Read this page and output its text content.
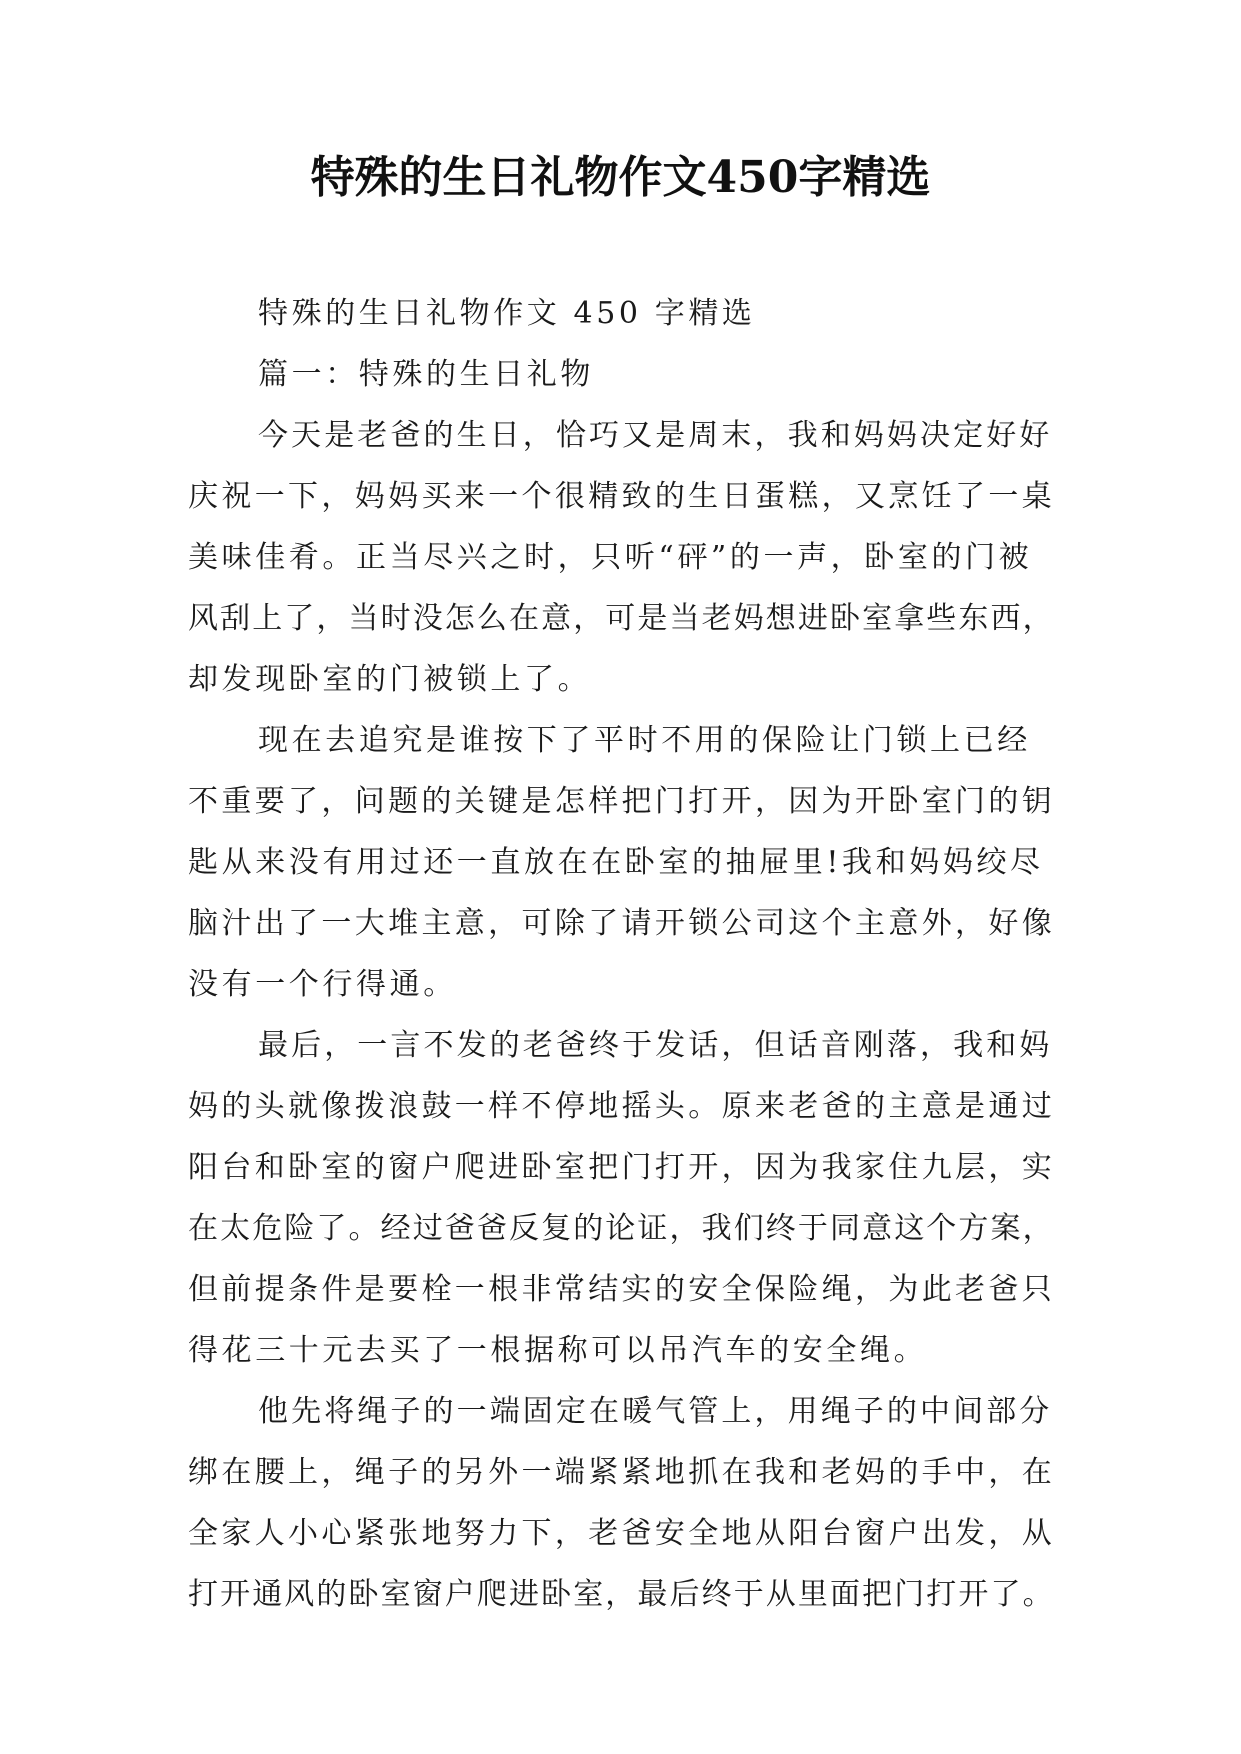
特殊的生日礼物作文450字精选
特殊的生日礼物作文 450 字精选
篇一：特殊的生日礼物
今天是老爸的生日，恰巧又是周末，我和妈妈决定好好
庆祝一下，妈妈买来一个很精致的生日蛋糕，又烹饪了一桌
美味佳肴。正当尽兴之时，只听“砰”的一声，卧室的门被
风刮上了，当时没怎么在意，可是当老妈想进卧室拿些东西，
却发现卧室的门被锁上了。
现在去追究是谁按下了平时不用的保险让门锁上已经
不重要了，问题的关键是怎样把门打开，因为开卧室门的钥
匙从来没有用过还一直放在在卧室的抽屉里!我和妈妈绞尽
脑汁出了一大堆主意，可除了请开锁公司这个主意外，好像
没有一个行得通。
最后，一言不发的老爸终于发话，但话音刚落，我和妈
妈的头就像拨浪鼓一样不停地摇头。原来老爸的主意是通过
阳台和卧室的窗户爬进卧室把门打开，因为我家住九层，实
在太危险了。经过爸爸反复的论证，我们终于同意这个方案，
但前提条件是要栓一根非常结实的安全保险绳，为此老爸只
得花三十元去买了一根据称可以吊汽车的安全绳。
他先将绳子的一端固定在暖气管上，用绳子的中间部分
绑在腰上，绳子的另外一端紧紧地抓在我和老妈的手中，在
全家人小心紧张地努力下，老爸安全地从阳台窗户出发，从
打开通风的卧室窗户爬进卧室，最后终于从里面把门打开了。
